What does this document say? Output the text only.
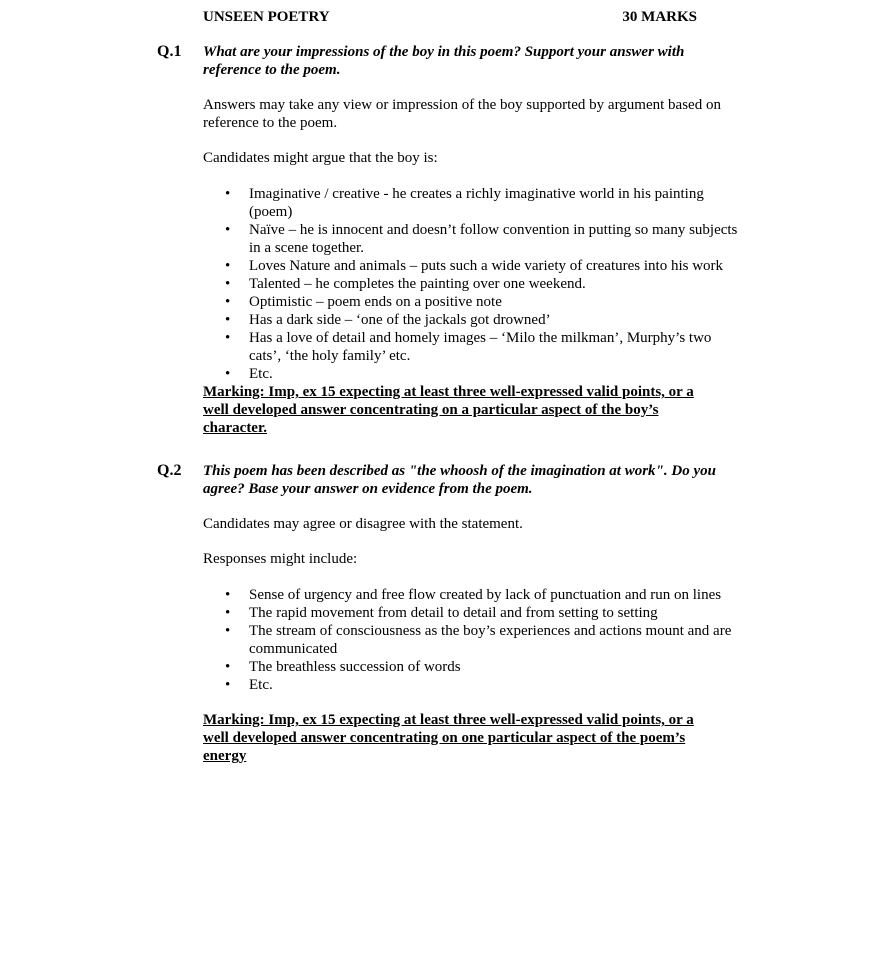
UNSEEN POETRY	30 MARKS
Q.1 What are your impressions of the boy in this poem? Support your answer with reference to the poem.

Answers may take any view or impression of the boy supported by argument based on reference to the poem.

Candidates might argue that the boy is:

• Imaginative / creative - he creates a richly imaginative world in his painting (poem)
• Naïve – he is innocent and doesn’t follow convention in putting so many subjects in a scene together.
• Loves Nature and animals – puts such a wide variety of creatures into his work
• Talented – he completes the painting over one weekend.
• Optimistic – poem ends on a positive note
• Has a dark side – ‘one of the jackals got drowned’
• Has a love of detail and homely images – ‘Milo the milkman’, Murphy’s two cats’, ‘the holy family’ etc.
• Etc.

Marking: Imp, ex 15 expecting at least three well-expressed valid points, or a well developed answer concentrating on a particular aspect of the boy’s character.

Q.2 This poem has been described as "the whoosh of the imagination at work". Do you agree? Base your answer on evidence from the poem.

Candidates may agree or disagree with the statement.

Responses might include:

• Sense of urgency and free flow created by lack of punctuation and run on lines
• The rapid movement from detail to detail and from setting to setting
• The stream of consciousness as the boy’s experiences and actions mount and are communicated
• The breathless succession of words
• Etc.

Marking: Imp, ex 15 expecting at least three well-expressed valid points, or a well developed answer concentrating on one particular aspect of the poem’s energy
